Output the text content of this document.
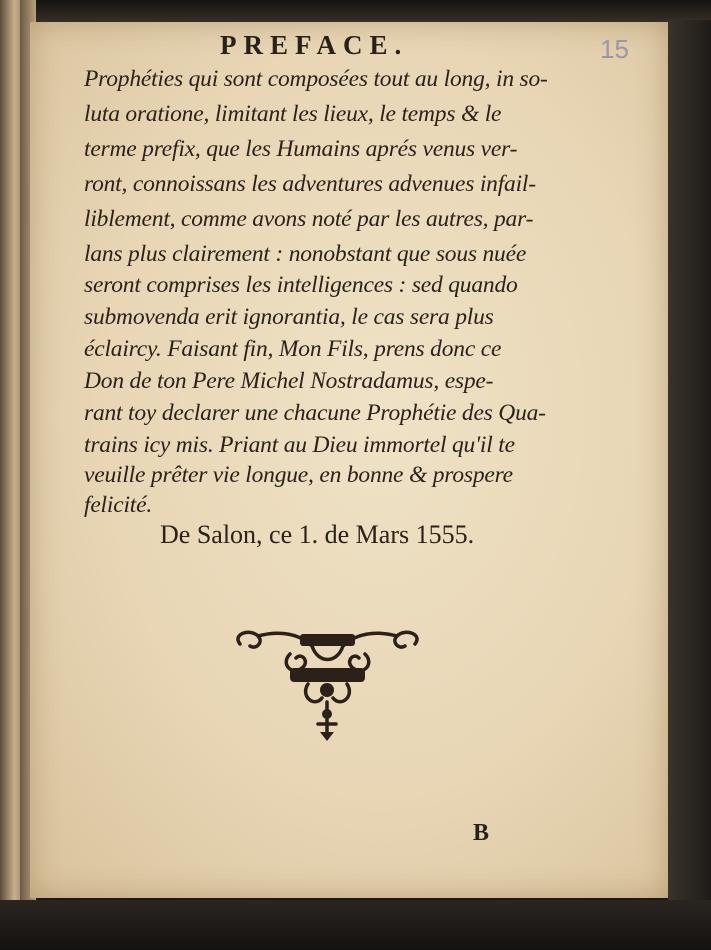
PREFACE.	15
Prophéties qui sont composées tout au long, in so-
luta oratione, limitant les lieux, le temps & le
terme prefix, que les Humains aprés venus ver-
ront, connoissans les adventures advenues infail-
liblement, comme avons noté par les autres, par-
lans plus clairement : nonobstant que sous nuée
seront comprises les intelligences : sed quando
submovenda erit ignorantia, le cas sera plus
éclaircy. Faisant fin, Mon Fils, prens donc ce
Don de ton Pere Michel Nostradamus, espe-
rant toy declarer une chacune Prophétie des Qua-
trains icy mis. Priant au Dieu immortel qu'il te
veuille prêter vie longue, en bonne & prospere
felicité.
De Salon, ce 1. de Mars 1555.
B
